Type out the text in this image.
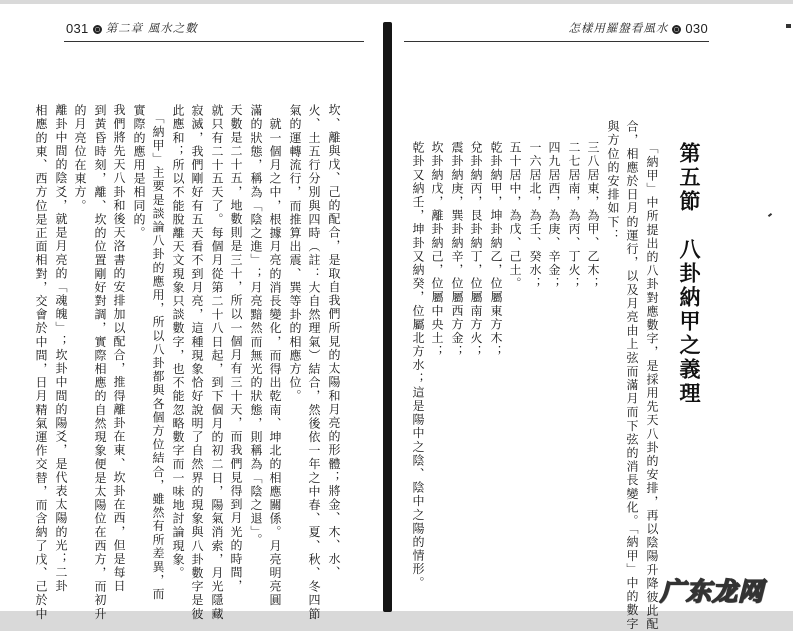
031 第二章 風水之數
　坎、離與戊、己的配合，是取自我們所見的太陽和月亮的形體；將金、木、水、
火、土五行分別與四時（註：大自然理氣）結合，然後依一年之中春、夏、秋、冬四節
氣的運轉流行，而推算出震、巽等卦的相應方位。
　就一個月之中，根據月亮的消長變化，而得出乾南、坤北的相應關係。月亮明亮圓
滿的狀態，稱為「陰之進」；月亮黯然而無光的狀態，則稱為「陰之退」。
　天數是二十五，地數則是三十，所以一個月有三十天，而我們見得到月光的時間，
就只有二十五天了。每個月從第二十八日起，到下個月的初二日，陽氣消索，月光隱藏
寂滅，我們剛好有五天看不到月亮，這種現象恰好說明了自然界的現象與八卦數字是彼
此應和；所以不能脫離天文現象只談數字，也不能忽略數字而一味地討論現象。
　「納甲」主要是談論八卦的應用，所以八卦都與各個方位結合，雖然有所差異，而
實際的應用是相同的。
　我們將先天八卦和後天洛書的安排加以配合，推得離卦在東、坎卦在西，但是每日
到黃昏時刻，離、坎的位置剛好對調，實際相應的自然現象便是太陽位在西方，而初升
的月亮位在東方。
　離卦中間的陰爻，就是月亮的「魂魄」；坎卦中間的陽爻，是代表太陽的光；二卦
相應的東、西方位是正面相對，交會於中間，日月精氣運作交替，而含納了戊、己於中
怎樣用羅盤看風水 030
第五節　八卦納甲之義理
　「納甲」中所提出的八卦對應數字，是採用先天八卦的安排，再以陰陽升降彼此配
合，相應於日月的運行，以及月亮由上弦而滿月而下弦的消長變化。「納甲」中的數字
與方位的安排如下：
三八居東，為甲、乙木；
二七居南，為丙、丁火；
四九居西，為庚、辛金；
一六居北，為壬、癸水；
五十居中，為戊、己土。
乾卦納甲，坤卦納乙，位屬東方木；
兌卦納丙，艮卦納丁，位屬南方火；
震卦納庚，巽卦納辛，位屬西方金；
坎卦納戊，離卦納己，位屬中央土；
乾卦又納壬，坤卦又納癸，位屬北方水；這是陽中之陰、陰中之陽的情形。
广东龙网
